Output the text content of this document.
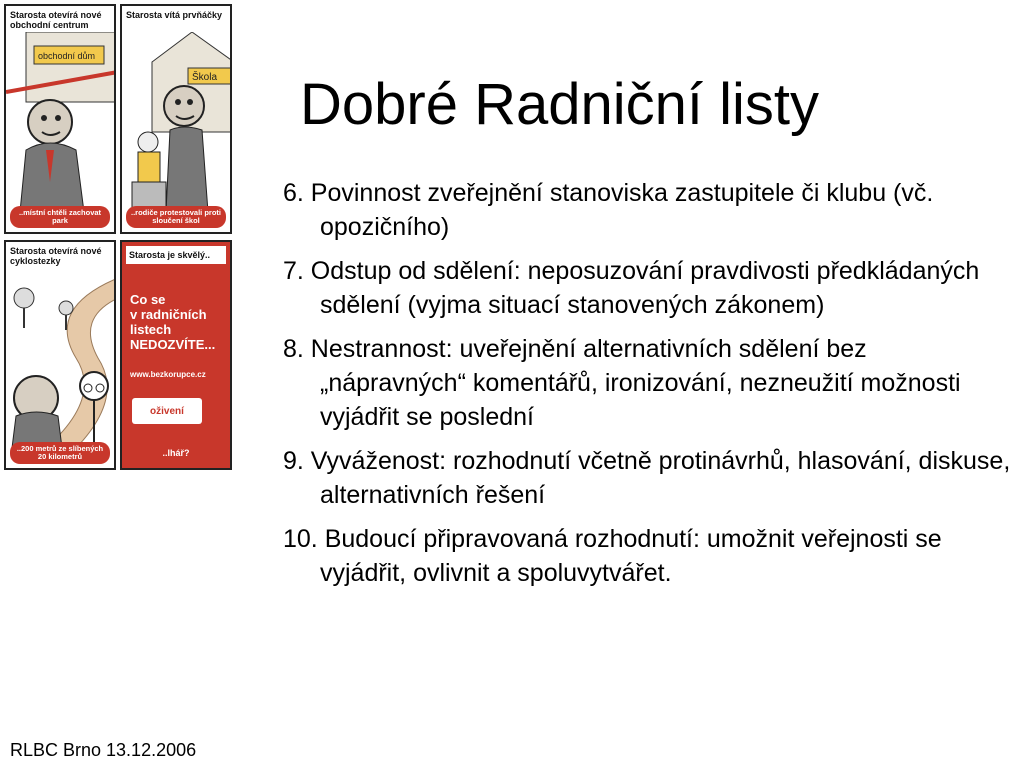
Starosta otevírá nové obchodní centrum
obchodní dům
..místní chtěli zachovat park
Starosta vítá prvňáčky
Škola
..rodiče protestovali proti sloučení škol
Starosta otevírá nové cyklostezky
..200 metrů ze slíbených 20 kilometrů
Starosta je skvělý..
Co se
v radničních
listech
NEDOZVÍTE...
www.bezkorupce.cz
oživení
..lhář?
Dobré Radniční listy
6. Povinnost zveřejnění stanoviska zastupitele či klubu (vč. opozičního)
7. Odstup od sdělení: neposuzování pravdivosti předkládaných sdělení (vyjma situací stanovených zákonem)
8. Nestrannost: uveřejnění alternativních sdělení bez „nápravných“ komentářů, ironizování, nezneužití možnosti vyjádřit se poslední
9. Vyváženost: rozhodnutí včetně protinávrhů, hlasování, diskuse, alternativních řešení
10. Budoucí připravovaná rozhodnutí: umožnit veřejnosti se vyjádřit, ovlivnit a spoluvytvářet.
RLBC Brno 13.12.2006
